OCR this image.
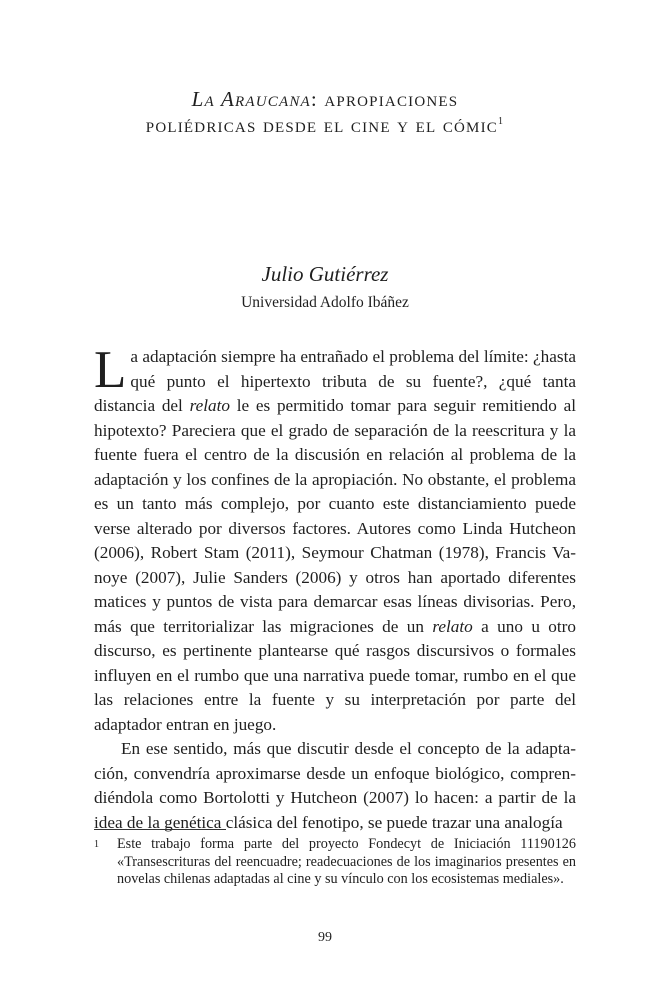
La Araucana: apropiaciones
poliédricas desde el cine y el cómic$^1$
Julio Gutiérrez
Universidad Adolfo Ibáñez

La adaptación siempre ha entrañado el problema del límite: ¿hasta qué punto el hipertexto tributa de su fuente?, ¿qué tanta distancia del relato le es permitido tomar para seguir remitiendo al hipotexto? Pareciera que el grado de separación de la reescritura y la fuente fuera el centro de la discusión en relación al problema de la adaptación y los confines de la apropiación. No obstante, el problema es un tanto más complejo, por cuanto este distanciamiento puede verse alterado por diversos factores. Autores como Linda Hutcheon (2006), Robert Stam (2011), Seymour Chatman (1978), Francis Vanoye (2007), Julie Sanders (2006) y otros han aportado diferentes matices y puntos de vista para demarcar esas líneas divisorias. Pero, más que territorializar las migraciones de un relato a uno u otro discurso, es pertinente plantearse qué rasgos discursivos o formales influyen en el rumbo que una narrativa puede tomar, rumbo en el que las relaciones entre la fuente y su interpretación por parte del adaptador entran en juego.

En ese sentido, más que discutir desde el concepto de la adaptación, convendría aproximarse desde un enfoque biológico, comprendiéndola como Bortolotti y Hutcheon (2007) lo hacen: a partir de la idea de la genética clásica del fenotipo, se puede trazar una analogía

1 Este trabajo forma parte del proyecto Fondecyt de Iniciación 11190126 «Transescrituras del reencuadre; readecuaciones de los imaginarios presentes en novelas chilenas adaptadas al cine y su vínculo con los ecosistemas mediales».
99
